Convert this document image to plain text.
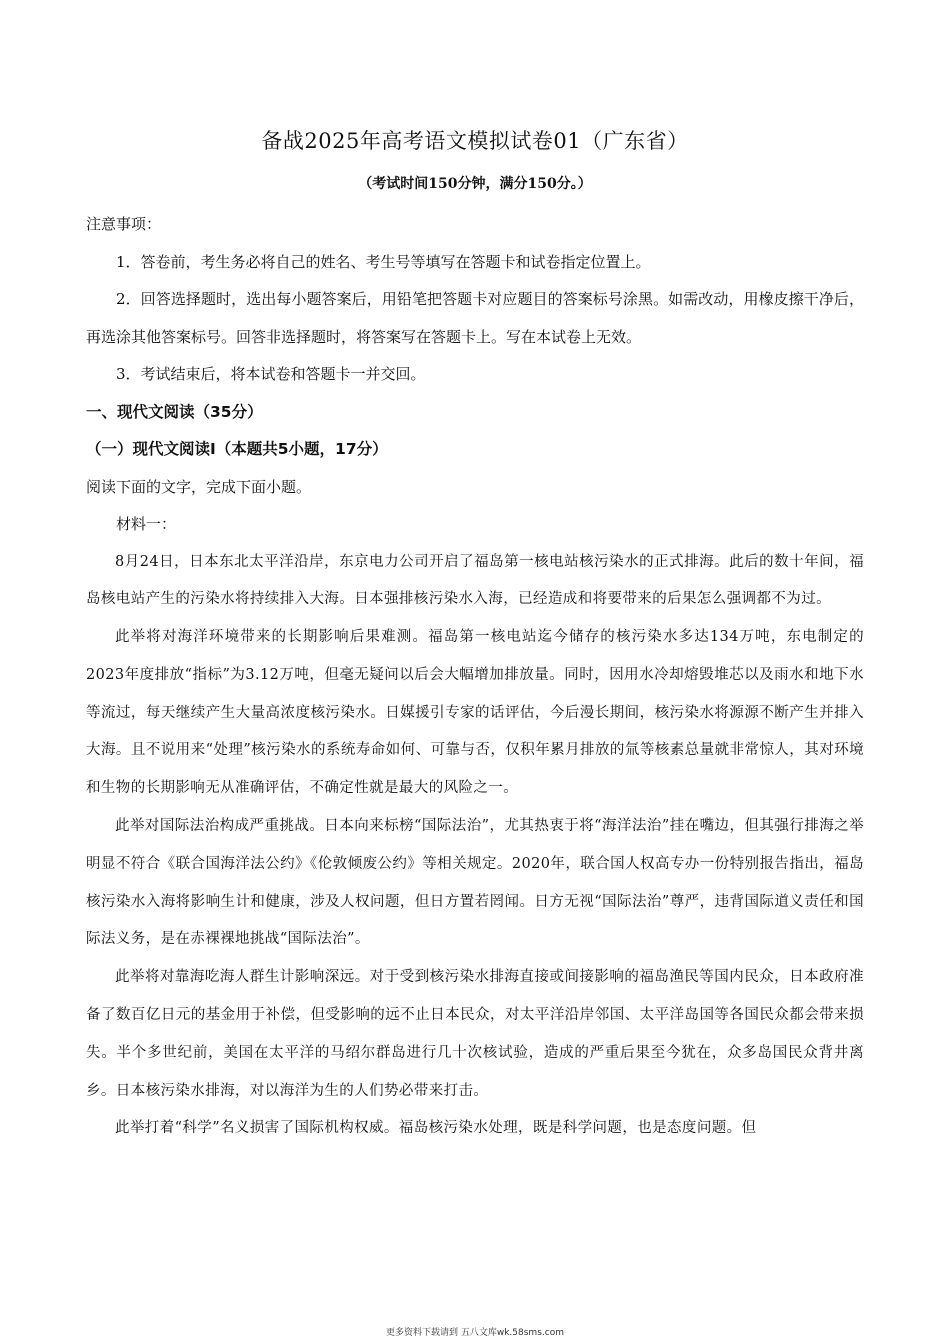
备战2025年高考语文模拟试卷01（广东省）
（考试时间150分钟，满分150分。）

注意事项：

1．答卷前，考生务必将自己的姓名、考生号等填写在答题卡和试卷指定位置上。

2．回答选择题时，选出每小题答案后，用铅笔把答题卡对应题目的答案标号涂黑。如需改动，用橡皮擦干净后，再选涂其他答案标号。回答非选择题时，将答案写在答题卡上。写在本试卷上无效。

3．考试结束后，将本试卷和答题卡一并交回。

一、现代文阅读（35分）

（一）现代文阅读Ⅰ（本题共5小题，17分）

阅读下面的文字，完成下面小题。

材料一：

8月24日，日本东北太平洋沿岸，东京电力公司开启了福岛第一核电站核污染水的正式排海。此后的数十年间，福岛核电站产生的污染水将持续排入大海。日本强排核污染水入海，已经造成和将要带来的后果怎么强调都不为过。

此举将对海洋环境带来的长期影响后果难测。福岛第一核电站迄今储存的核污染水多达134万吨，东电制定的2023年度排放“指标”为3.12万吨，但毫无疑问以后会大幅增加排放量。同时，因用水冷却熔毁堆芯以及雨水和地下水等流过，每天继续产生大量高浓度核污染水。日媒援引专家的话评估，今后漫长期间，核污染水将源源不断产生并排入大海。且不说用来“处理”核污染水的系统寿命如何、可靠与否，仅积年累月排放的氚等核素总量就非常惊人，其对环境和生物的长期影响无从准确评估，不确定性就是最大的风险之一。

此举对国际法治构成严重挑战。日本向来标榜“国际法治”，尤其热衷于将“海洋法治”挂在嘴边，但其强行排海之举明显不符合《联合国海洋法公约》《伦敦倾废公约》等相关规定。2020年，联合国人权高专办一份特别报告指出，福岛核污染水入海将影响生计和健康，涉及人权问题，但日方置若罔闻。日方无视“国际法治”尊严，违背国际道义责任和国际法义务，是在赤裸裸地挑战“国际法治”。

此举将对靠海吃海人群生计影响深远。对于受到核污染水排海直接或间接影响的福岛渔民等国内民众，日本政府准备了数百亿日元的基金用于补偿，但受影响的远不止日本民众，对太平洋沿岸邻国、太平洋岛国等各国民众都会带来损失。半个多世纪前，美国在太平洋的马绍尔群岛进行几十次核试验，造成的严重后果至今犹在，众多岛国民众背井离乡。日本核污染水排海，对以海洋为生的人们势必带来打击。

此举打着“科学”名义损害了国际机构权威。福岛核污染水处理，既是科学问题，也是态度问题。但

更多资料下载请到 五八文库wk.58sms.com
